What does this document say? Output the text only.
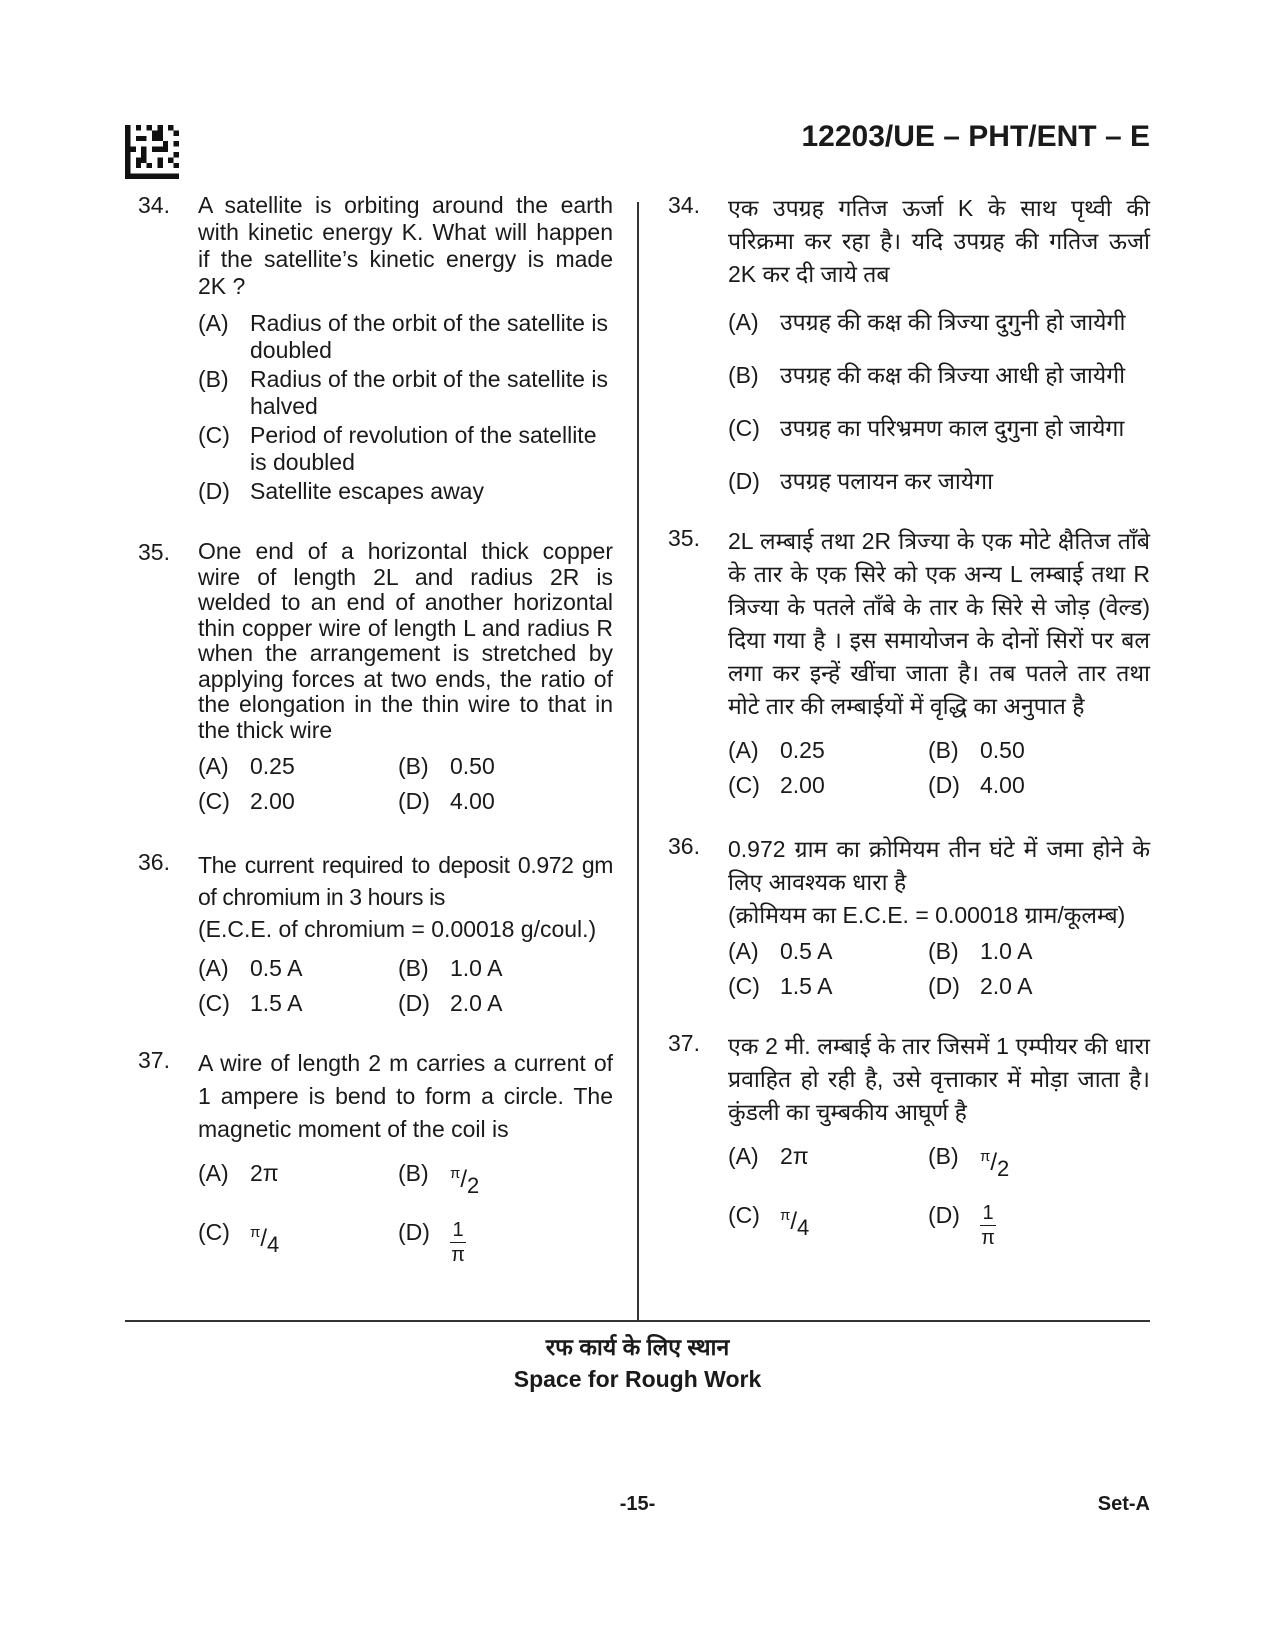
12203/UE – PHT/ENT – E
34. A satellite is orbiting around the earth with kinetic energy K. What will happen if the satellite’s kinetic energy is made 2K ?
(A) Radius of the orbit of the satellite is doubled
(B) Radius of the orbit of the satellite is halved
(C) Period of revolution of the satellite is doubled
(D) Satellite escapes away
35. One end of a horizontal thick copper wire of length 2L and radius 2R is welded to an end of another horizontal thin copper wire of length L and radius R when the arrangement is stretched by applying forces at two ends, the ratio of the elongation in the thin wire to that in the thick wire
(A) 0.25	(B) 0.50
(C) 2.00	(D) 4.00
36. The current required to deposit 0.972 gm of chromium in 3 hours is
(E.C.E. of chromium = 0.00018 g/coul.)
(A) 0.5 A	(B) 1.0 A
(C) 1.5 A	(D) 2.0 A
37. A wire of length 2 m carries a current of 1 ampere is bend to form a circle. The magnetic moment of the coil is
(A) 2π	(B) $^\pi/_2$
(C) $^\pi/_4$	$(D) \frac{1}{\pi}$
34. एक उपग्रह गतिज ऊर्जा K के साथ पृथ्वी की परिक्रमा कर रहा है। यदि उपग्रह की गतिज ऊर्जा 2K कर दी जाये तब
(A) उपग्रह की कक्ष की त्रिज्या दुगुनी हो जायेगी
(B) उपग्रह की कक्ष की त्रिज्या आधी हो जायेगी
(C) उपग्रह का परिभ्रमण काल दुगुना हो जायेगा
(D) उपग्रह पलायन कर जायेगा
35. 2L लम्बाई तथा 2R त्रिज्या के एक मोटे क्षैतिज ताँबे के तार के एक सिरे को एक अन्य L लम्बाई तथा R त्रिज्या के पतले ताँबे के तार के सिरे से जोड़ (वेल्ड) दिया गया है । इस समायोजन के दोनों सिरों पर बल लगा कर इन्हें खींचा जाता है। तब पतले तार तथा मोटे तार की लम्बाईयों में वृद्धि का अनुपात है
(A) 0.25	(B) 0.50
(C) 2.00	(D) 4.00
36. 0.972 ग्राम का क्रोमियम तीन घंटे में जमा होने के लिए आवश्यक धारा है
(क्रोमियम का E.C.E. = 0.00018 ग्राम/कूलम्ब)
(A) 0.5 A	(B) 1.0 A
(C) 1.5 A	(D) 2.0 A
37. एक 2 मी. लम्बाई के तार जिसमें 1 एम्पीयर की धारा प्रवाहित हो रही है, उसे वृत्ताकार में मोड़ा जाता है। कुंडली का चुम्बकीय आघूर्ण है
(A) 2π	(B) $^\pi/_2$
(C) $^\pi/_4$	$(D) \frac{1}{\pi}$
रफ कार्य के लिए स्थान
Space for Rough Work
-15-	Set-A
